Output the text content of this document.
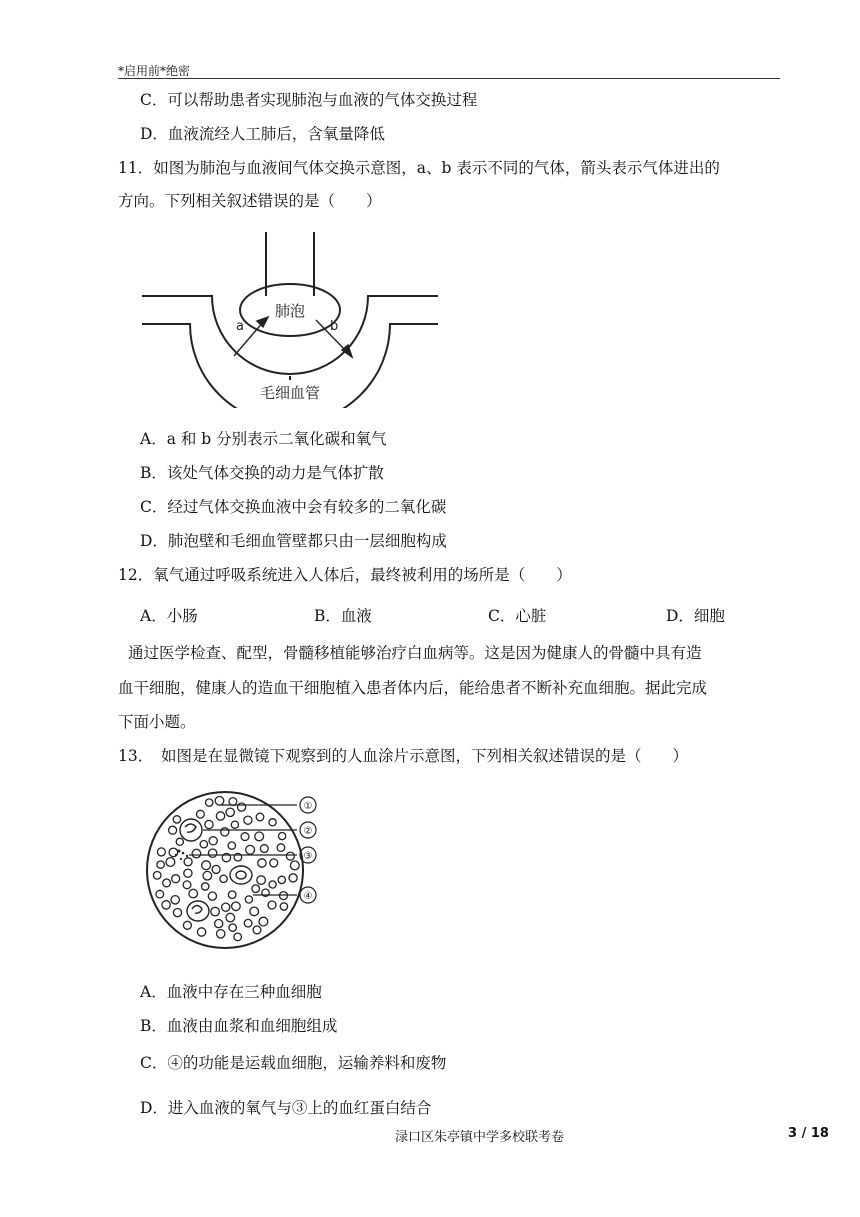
*启用前*绝密
C．可以帮助患者实现肺泡与血液的气体交换过程
D．血液流经人工肺后，含氧量降低
11．如图为肺泡与血液间气体交换示意图，a、b 表示不同的气体，箭头表示气体进出的
方向。下列相关叙述错误的是（　　）
肺泡
a	b
毛细血管
A．a 和 b 分别表示二氧化碳和氧气
B．该处气体交换的动力是气体扩散
C．经过气体交换血液中会有较多的二氧化碳
D．肺泡壁和毛细血管壁都只由一层细胞构成
12．氧气通过呼吸系统进入人体后，最终被利用的场所是（　　）
A．小肠	B．血液	C．心脏	D．细胞
通过医学检查、配型，骨髓移植能够治疗白血病等。这是因为健康人的骨髓中具有造
血干细胞，健康人的造血干细胞植入患者体内后，能给患者不断补充血细胞。据此完成
下面小题。
13．　如图是在显微镜下观察到的人血涂片示意图，下列相关叙述错误的是（　　）
①
②
③
④
A．血液中存在三种血细胞
B．血液由血浆和血细胞组成
C．④的功能是运载血细胞，运输养料和废物
D．进入血液的氧气与③上的血红蛋白结合
渌口区朱亭镇中学多校联考卷	3 / 18
